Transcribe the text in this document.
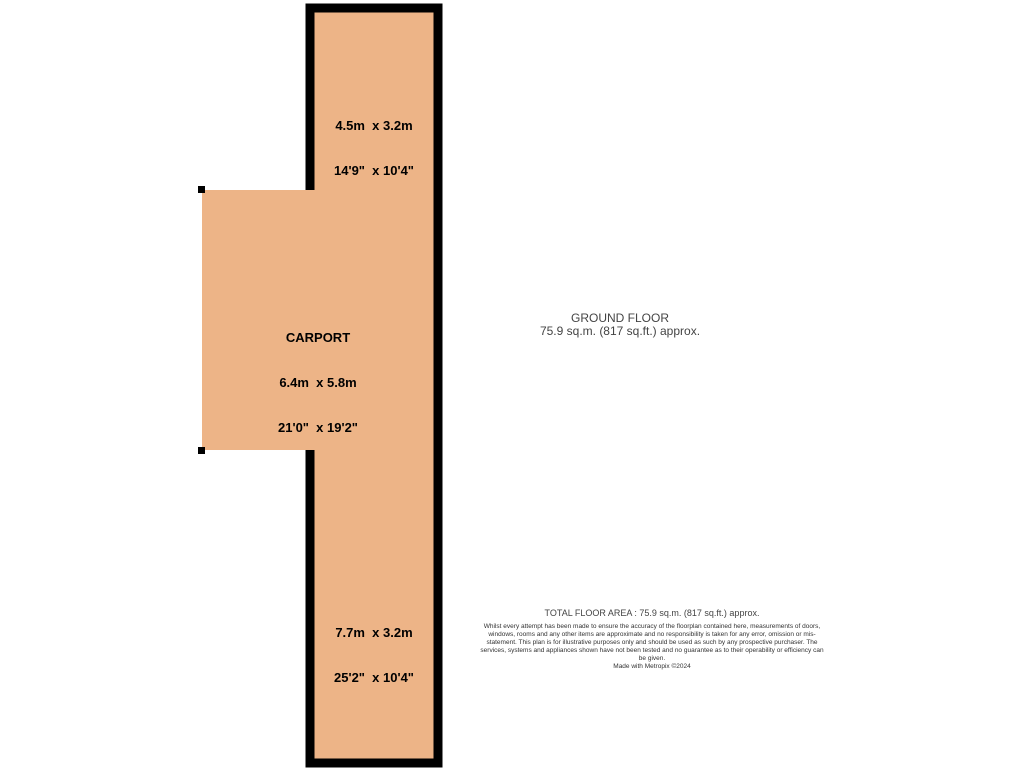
4.5m  x 3.2m

14'9"  x 10'4"

CARPORT

6.4m  x 5.8m

21'0"  x 19'2"

7.7m  x 3.2m

25'2"  x 10'4"

GROUND FLOOR
75.9 sq.m. (817 sq.ft.) approx.
TOTAL FLOOR AREA : 75.9 sq.m. (817 sq.ft.) approx.
Whilst every attempt has been made to ensure the accuracy of the floorplan contained here, measurements of doors, windows, rooms and any other items are approximate and no responsibility is taken for any error, omission or mis-statement. This plan is for illustrative purposes only and should be used as such by any prospective purchaser. The services, systems and appliances shown have not been tested and no guarantee as to their operability or efficiency can be given.
Made with Metropix ©2024
